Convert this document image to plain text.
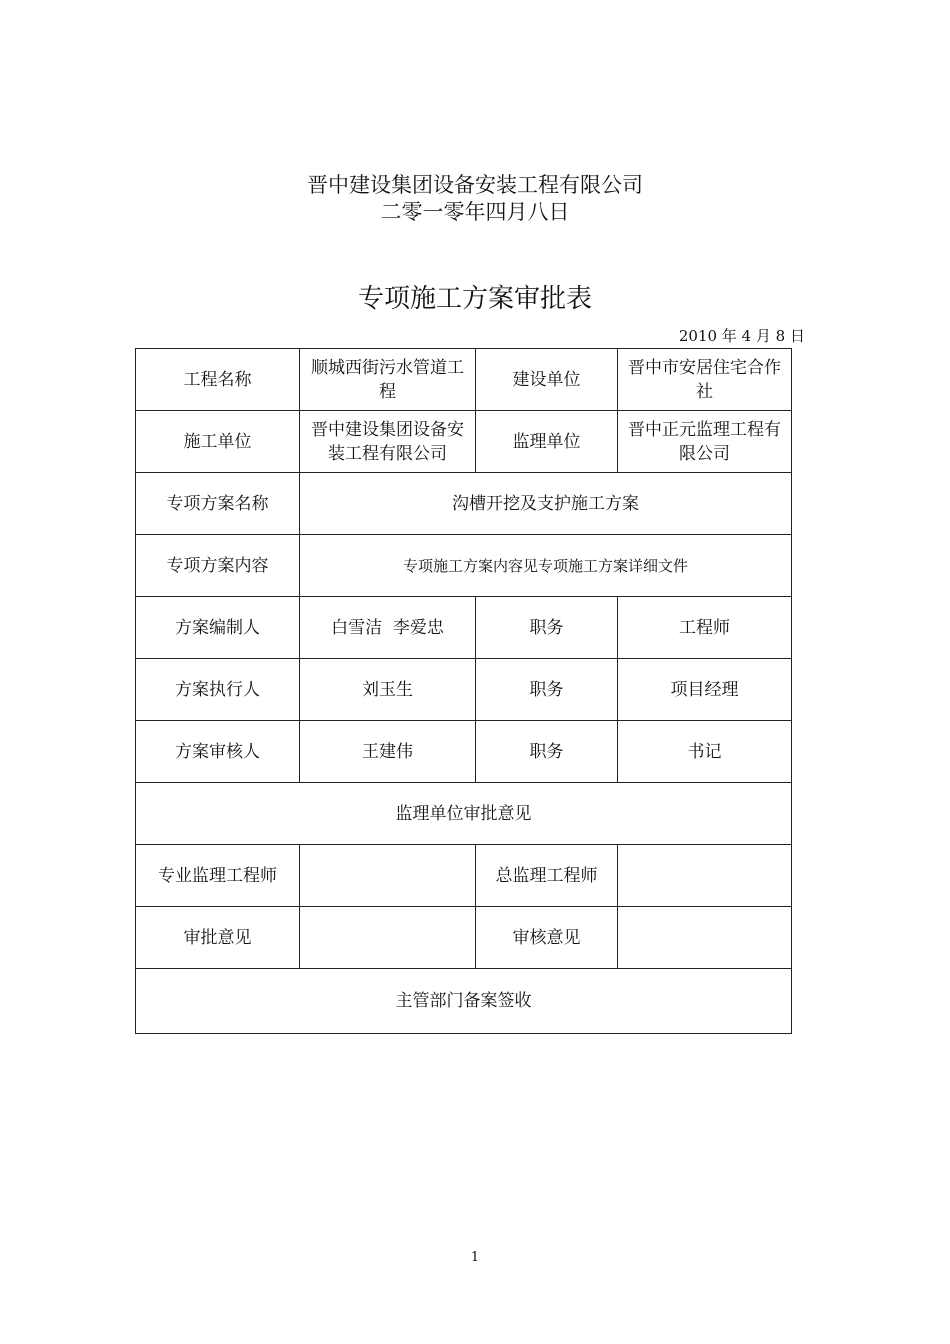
晋中建设集团设备安装工程有限公司
二零一零年四月八日
专项施工方案审批表
2010 年 4 月 8 日
工程名称	顺城西街污水管道工程	建设单位	晋中市安居住宅合作社
施工单位	晋中建设集团设备安装工程有限公司	监理单位	晋中正元监理工程有限公司
专项方案名称	沟槽开挖及支护施工方案		
专项方案内容	专项施工方案内容见专项施工方案详细文件		
方案编制人	白雪洁  李爱忠	职务	工程师
方案执行人	刘玉生	职务	项目经理
方案审核人	王建伟	职务	书记
监理单位审批意见			
专业监理工程师		总监理工程师	
审批意见		审核意见	
主管部门备案签收			
1
